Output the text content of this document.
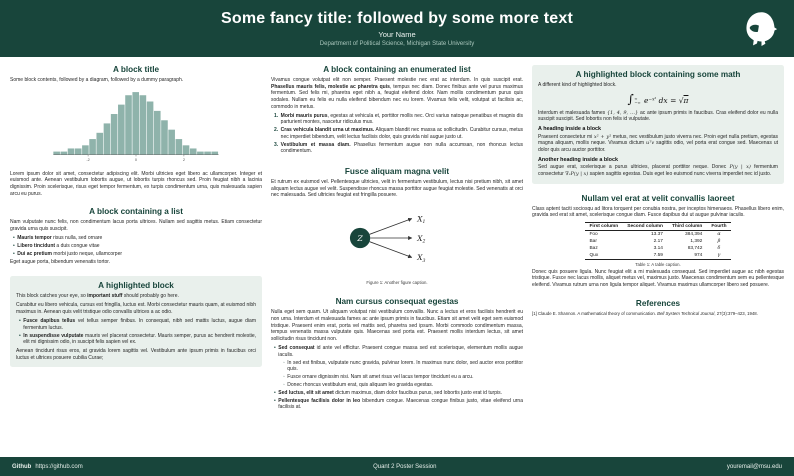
Some fancy title: followed by some more text
Your Name
Department of Political Science, Michigan State University
A block title

Some block contents, followed by a diagram, followed by a dummy paragraph.

-2	0	2

Lorem ipsum dolor sit amet, consectetur adipiscing elit. Morbi ultricies eget libero ac ullamcorper. Integer et euismod ante. Aenean vestibulum lobortis augue, ut lobortis turpis rhoncus sed. Proin feugiat nibh a lacinia dignissim. Proin scelerisque, risus eget tempor fermentum, ex turpis condimentum urna, quis malesuada sapien arcu eu purus.

A block containing a list

Nam vulputate nunc felis, non condimentum lacus porta ultrices. Nullam sed sagittis metus. Etiam consectetur gravida urna quis suscipit.

• Mauris tempor risus nulla, sed ornare
• Libero tincidunt a duis congue vitae
• Dui ac pretium morbi justo neque, ullamcorper

Eget augue porta, bibendum venenatis tortor.

A highlighted block

This block catches your eye, so important stuff should probably go here.

Curabitur eu libero vehicula, cursus est fringilla, luctus est. Morbi consectetur mauris quam, at euismod nibh maximus in. Aenean quis velit tristique odio convallis ultrices a ac odio.

• Fusce dapibus tellus vel tellus semper finibus. In consequat, nibh sed mattis luctus, augue diam fermentum luctus.
• In suspendisse vulputate mauris vel placerat consectetur. Mauris semper, purus ac hendrerit molestie, elit mi dignissim odio, in suscipit felis sapien vel ex.

Aenean tincidunt risus eros, at gravida lorem sagittis vel. Vestibulum ante ipsum primis in faucibus orci luctus et ultrices posuere cubilia Curae;

A block containing an enumerated list

Vivamus congue volutpat elit non semper. Praesent molestie nec erat ac interdum. In quis suscipit erat. Phasellus mauris felis, molestie ac pharetra quis, tempus nec diam. Donec finibus ante vel purus maximus fermentum. Sed felis mi, pharetra eget nibh a, feugiat eleifend dolor. Nam mollis condimentum purus quis sodales. Nullam eu felis eu nulla eleifend bibendum nec eu lorem. Vivamus felis velit, volutpat ut facilisis ac, commodo in metus.

1. Morbi mauris purus, egestas at vehicula et, porttitor mollis nec. Orci varius natoque penatibus et magnis dis parturient montes, nascetur ridiculus mus.
2. Cras vehicula blandit urna ut maximus. Aliquam blandit nec massa ac sollicitudin. Curabitur cursus, metus nec imperdiet bibendum, velit lectus facilisis dolor, quis gravida nisl augue justo ut.
3. Vestibulum et massa diam. Phasellus fermentum augue non nulla accumsan, non rhoncus lectus condimentum.
Fusce aliquam magna velit

Et rutrum ex euismod vel. Pellentesque ultricies, velit in fermentum vestibulum, lectus nisi pretium nibh, sit amet aliquam lectus augue vel velit. Suspendisse rhoncus massa porttitor augue feugiat molestie. Sed venenatis at orci nec malesuada. Sed ultricies feugiat est fringilla posuere.

Z
$X_1$
$X_2$
$X_3$
Figure 1: Another figure caption.
Nam cursus consequat egestas

Nulla eget sem quam. Ut aliquam volutpat nisi vestibulum convallis. Nunc a lectus et eros facilisis hendrerit eu non urna. Interdum et malesuada fames ac ante ipsum primis in faucibus. Etiam sit amet velit eget sem euismod tristique. Praesent enim erat, porta vel mattis sed, pharetra sed ipsum. Morbi commodo condimentum massa, tempus venenatis massa vulputate quis. Maecenas sed porta est. Praesent mollis interdum lectus, sit amet sollicitudin risus tincidunt non.

• Sed consequat id ante vel efficitur. Praesent congue massa sed est scelerisque, elementum mollis augue iaculis.
◦ In sed est finibus, vulputate nunc gravida, pulvinar lorem. In maximus nunc dolor, sed auctor eros porttitor quis.
◦ Fusce ornare dignissim nisi. Nam sit amet risus vel lacus tempor tincidunt eu a arcu.
◦ Donec rhoncus vestibulum erat, quis aliquam leo gravida egestas.
• Sed luctus, elit sit amet dictum maximus, diam dolor faucibus purus, sed lobortis justo erat id turpis.
• Pellentesque facilisis dolor in leo bibendum congue. Maecenas congue finibus justo, vitae eleifend urna facilisis at.
A highlighted block containing some math

A different kind of highlighted block.

∫ ∞
−∞ $e^{-x^2}$ dx = √π

Interdum et malesuada fames {1, 4, 9, …} ac ante ipsum primis in faucibus. Cras eleifend dolor eu nulla suscipit suscipit. Sed lobortis non felis id vulputate.

A heading inside a block

Praesent consectetur mi x² + y² metus, nec vestibulum justo viverra nec. Proin eget nulla pretium, egestas magna aliquam, mollis neque. Vivamus dictum uᵀv sagittis odio, vel porta erat congue sed. Maecenas ut dolor quis arcu auctor porttitor.

Another heading inside a block

Sed augue erat, scelerisque a purus ultricies, placerat porttitor neque. Donec P(y | x) fermentum consectetur ∇ₓP(y | x) sapien sagittis egestas. Duis eget leo euismod nunc viverra imperdiet nec id justo.

Nullam vel erat at velit convallis laoreet

Class aptent taciti sociosqu ad litora torquent per conubia nostra, per inceptos himenaeos. Phasellus libero enim, gravida sed erat sit amet, scelerisque congue diam. Fusce dapibus dui ut augue pulvinar iaculis.

First column	Second column	Third column	Fourth
Foo	13.37	384,394	α
Bar	2.17	1,392	β
Baz	3.14	83,742	δ
Qux	7.59	974	γ
Table 1: A table caption.

Donec quis posuere ligula. Nunc feugiat elit a mi malesuada consequat. Sed imperdiet augue ac nibh egestas tristique. Fusce nec lacus mollis, aliquet metus vel, maximus justo. Maecenas condimentum sem eu pellentesque eleifend. Vivamus rutrum urna non ligula tempor aliquet. Vivamus maximus ullamcorper libero sed posuere.

References

[1] Claude E. Shannon. A mathematical theory of communication. Bell System Technical Journal, 27(3):379–423, 1948.

Github https://github.com	Quant 2 Poster Session	youremail@msu.edu
